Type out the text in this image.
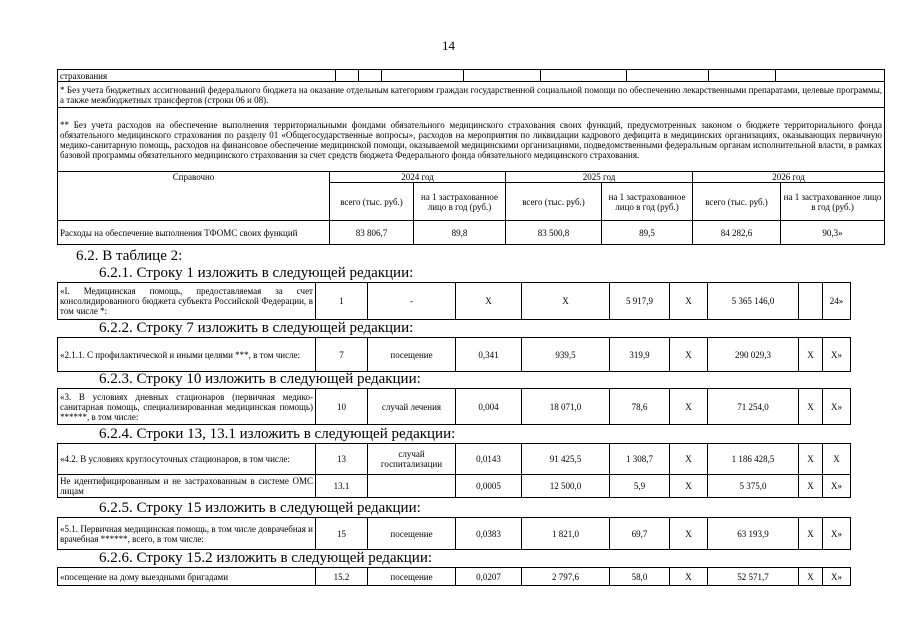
14
страхования								
* Без учета бюджетных ассигнований федерального бюджета на оказание отдельным категориям граждан государственной социальной помощи по обеспечению лекарственными препаратами, целевые программы, а также межбюджетных трансфертов (строки 06 и 08).
** Без учета расходов на обеспечение выполнения территориальными фондами обязательного медицинского страхования своих функций, предусмотренных законом о бюджете территориального фонда обязательного медицинского страхования по разделу 01 «Общегосударственные вопросы», расходов на мероприятия по ликвидации кадрового дефицита в медицинских организациях, оказывающих первичную медико-санитарную помощь, расходов на финансовое обеспечение медицинской помощи, оказываемой медицинскими организациями, подведомственными федеральным органам исполнительной власти, в рамках базовой программы обязательного медицинского страхования за счет средств бюджета Федерального фонда обязательного медицинского страхования.
Справочно	2024 год		2025 год		2026 год	
	всего (тыс. руб.)	на 1 застрахованное лицо в год (руб.)	всего (тыс. руб.)	на 1 застрахованное лицо в год (руб.)	всего (тыс. руб.)	на 1 застрахованное лицо в год (руб.)
Расходы на обеспечение выполнения ТФОМС своих функций	83 806,7	89,8	83 500,8	89,5	84 282,6	90,3»
6.2. В таблице 2:
6.2.1. Строку 1 изложить в следующей редакции:
«I. Медицинская помощь, предоставляемая за счет консолидированного бюджета субъекта Российской Федерации, в том числе *:	1	-	Х	Х	5 917,9	Х	5 365 146,0		24»
6.2.2. Строку 7 изложить в следующей редакции:
«2.1.1. С профилактической и иными целями ***, в том числе:	7	посещение	0,341	939,5	319,9	Х	290 029,3	Х	Х»
6.2.3. Строку 10 изложить в следующей редакции:
«3. В условиях дневных стационаров (первичная медико-санитарная помощь, специализированная медицинская помощь) ******, в том числе:	10	случай лечения	0,004	18 071,0	78,6	Х	71 254,0	Х	Х»
6.2.4. Строки 13, 13.1 изложить в следующей редакции:
«4.2. В условиях круглосуточных стационаров, в том числе:	13	случай госпитализации	0,0143	91 425,5	1 308,7	Х	1 186 428,5	Х	Х
Не идентифицированным и не застрахованным в системе ОМС лицам	13.1		0,0005	12 500,0	5,9	Х	5 375,0	Х	Х»
6.2.5. Строку 15 изложить в следующей редакции:
«5.1. Первичная медицинская помощь, в том числе доврачебная и врачебная ******, всего, в том числе:	15	посещение	0,0383	1 821,0	69,7	Х	63 193,9	Х	Х»
6.2.6. Строку 15.2 изложить в следующей редакции:
«посещение на дому выездными бригадами	15.2	посещение	0,0207	2 797,6	58,0	Х	52 571,7	Х	Х»
